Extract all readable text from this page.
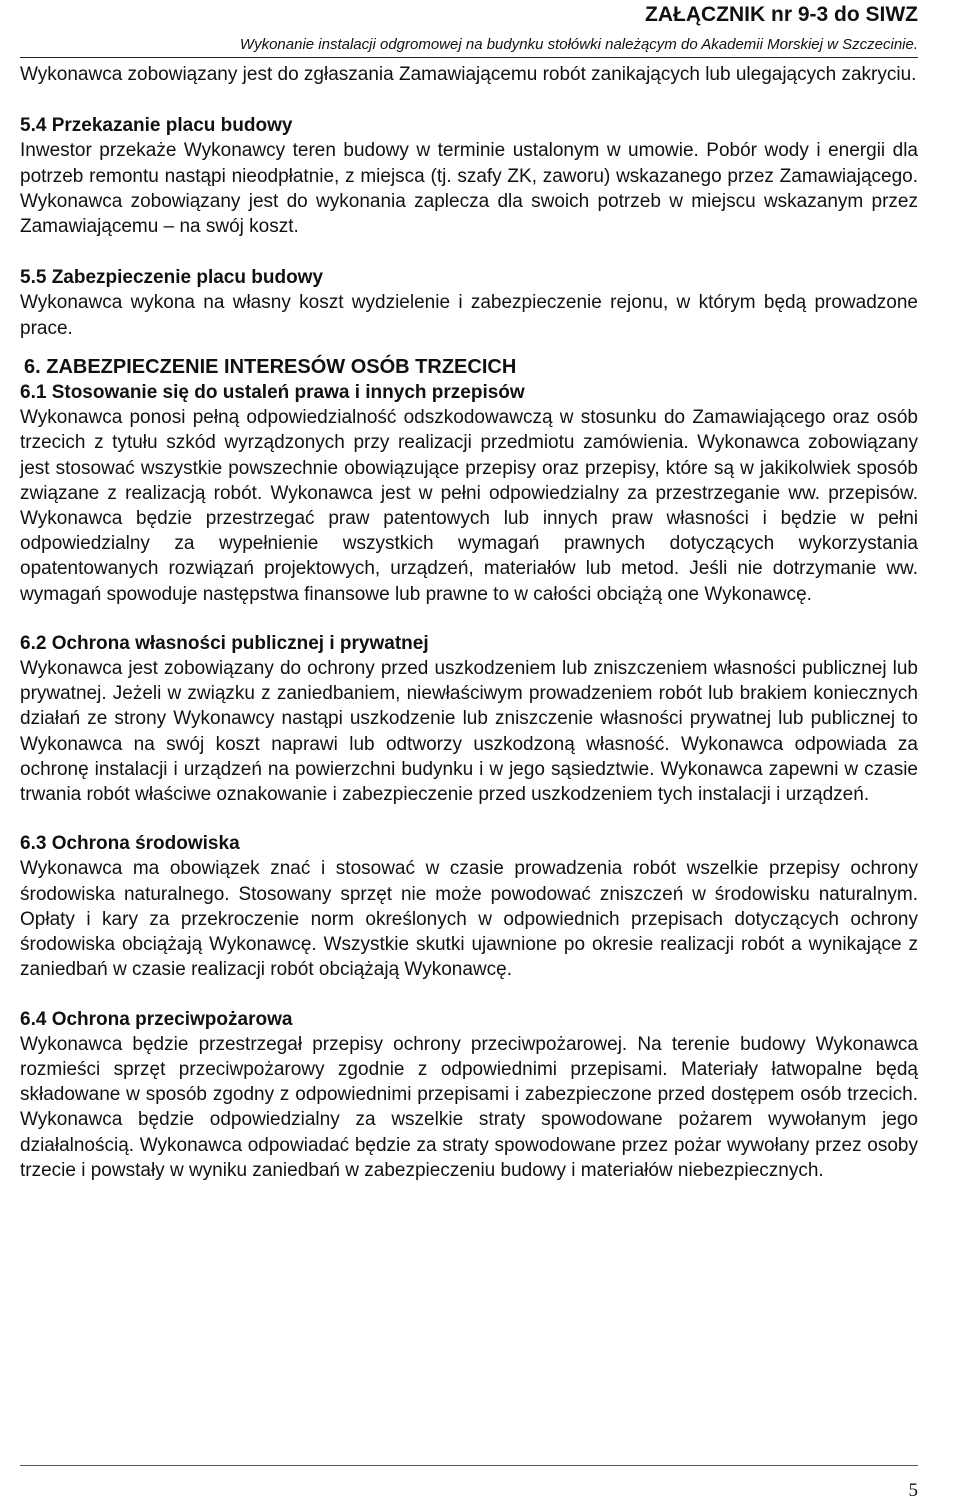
ZAŁĄCZNIK nr 9-3 do SIWZ
Wykonanie instalacji odgromowej na budynku stołówki należącym do Akademii Morskiej w Szczecinie.

Wykonawca zobowiązany jest do zgłaszania Zamawiającemu robót zanikających lub ulegających zakryciu.

5.4 Przekazanie placu budowy

Inwestor przekaże Wykonawcy teren budowy w terminie ustalonym w umowie. Pobór wody i energii dla potrzeb remontu nastąpi nieodpłatnie, z miejsca (tj. szafy ZK, zaworu) wskazanego przez Zamawiającego. Wykonawca zobowiązany jest do wykonania zaplecza dla swoich potrzeb w miejscu wskazanym przez Zamawiającemu – na swój koszt.

5.5 Zabezpieczenie placu budowy

Wykonawca wykona na własny koszt wydzielenie i zabezpieczenie rejonu, w którym będą prowadzone prace.

6. ZABEZPIECZENIE INTERESÓW OSÓB TRZECICH

6.1 Stosowanie się do ustaleń prawa i innych przepisów

Wykonawca ponosi pełną odpowiedzialność odszkodowawczą w stosunku do Zamawiającego oraz osób trzecich z tytułu szkód wyrządzonych przy realizacji przedmiotu zamówienia. Wykonawca zobowiązany jest stosować wszystkie powszechnie obowiązujące przepisy oraz przepisy, które są w jakikolwiek sposób związane z realizacją robót. Wykonawca jest w pełni odpowiedzialny za przestrzeganie ww. przepisów. Wykonawca będzie przestrzegać praw patentowych lub innych praw własności i będzie w pełni odpowiedzialny za wypełnienie wszystkich wymagań prawnych dotyczących wykorzystania opatentowanych rozwiązań projektowych, urządzeń, materiałów lub metod. Jeśli nie dotrzymanie ww. wymagań spowoduje następstwa finansowe lub prawne to w całości obciążą one Wykonawcę.

6.2 Ochrona własności publicznej i prywatnej

Wykonawca jest zobowiązany do ochrony przed uszkodzeniem lub zniszczeniem własności publicznej lub prywatnej. Jeżeli w związku z zaniedbaniem, niewłaściwym prowadzeniem robót lub brakiem koniecznych działań ze strony Wykonawcy nastąpi uszkodzenie lub zniszczenie własności prywatnej lub publicznej to Wykonawca na swój koszt naprawi lub odtworzy uszkodzoną własność. Wykonawca odpowiada za ochronę instalacji i urządzeń na powierzchni budynku i w jego sąsiedztwie. Wykonawca zapewni w czasie trwania robót właściwe oznakowanie i zabezpieczenie przed uszkodzeniem tych instalacji i urządzeń.

6.3 Ochrona środowiska

Wykonawca ma obowiązek znać i stosować w czasie prowadzenia robót wszelkie przepisy ochrony środowiska naturalnego. Stosowany sprzęt nie może powodować zniszczeń w środowisku naturalnym. Opłaty i kary za przekroczenie norm określonych w odpowiednich przepisach dotyczących ochrony środowiska obciążają Wykonawcę. Wszystkie skutki ujawnione po okresie realizacji robót a wynikające z zaniedbań w czasie realizacji robót obciążają Wykonawcę.

6.4 Ochrona przeciwpożarowa

Wykonawca będzie przestrzegał przepisy ochrony przeciwpożarowej. Na terenie budowy Wykonawca rozmieści sprzęt przeciwpożarowy zgodnie z odpowiednimi przepisami. Materiały łatwopalne będą składowane w sposób zgodny z odpowiednimi przepisami i zabezpieczone przed dostępem osób trzecich. Wykonawca będzie odpowiedzialny za wszelkie straty spowodowane pożarem wywołanym jego działalnością. Wykonawca odpowiadać będzie za straty spowodowane przez pożar wywołany przez osoby trzecie i powstały w wyniku zaniedbań w zabezpieczeniu budowy i materiałów niebezpiecznych.

5
